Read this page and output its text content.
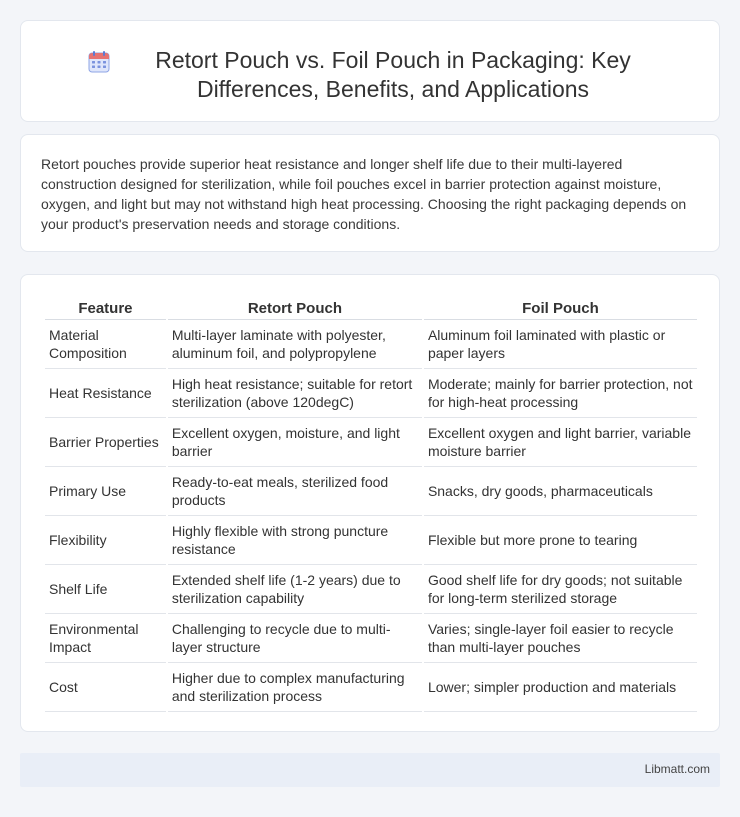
Retort Pouch vs. Foil Pouch in Packaging: Key Differences, Benefits, and Applications

Retort pouches provide superior heat resistance and longer shelf life due to their multi-layered construction designed for sterilization, while foil pouches excel in barrier protection against moisture, oxygen, and light but may not withstand high heat processing. Choosing the right packaging depends on your product's preservation needs and storage conditions.

Feature	Retort Pouch	Foil Pouch
Material Composition	Multi-layer laminate with polyester, aluminum foil, and polypropylene	Aluminum foil laminated with plastic or paper layers
Heat Resistance	High heat resistance; suitable for retort sterilization (above 120degC)	Moderate; mainly for barrier protection, not for high-heat processing
Barrier Properties	Excellent oxygen, moisture, and light barrier	Excellent oxygen and light barrier, variable moisture barrier
Primary Use	Ready-to-eat meals, sterilized food products	Snacks, dry goods, pharmaceuticals
Flexibility	Highly flexible with strong puncture resistance	Flexible but more prone to tearing
Shelf Life	Extended shelf life (1-2 years) due to sterilization capability	Good shelf life for dry goods; not suitable for long-term sterilized storage
Environmental Impact	Challenging to recycle due to multi-layer structure	Varies; single-layer foil easier to recycle than multi-layer pouches
Cost	Higher due to complex manufacturing and sterilization process	Lower; simpler production and materials
Libmatt.com
